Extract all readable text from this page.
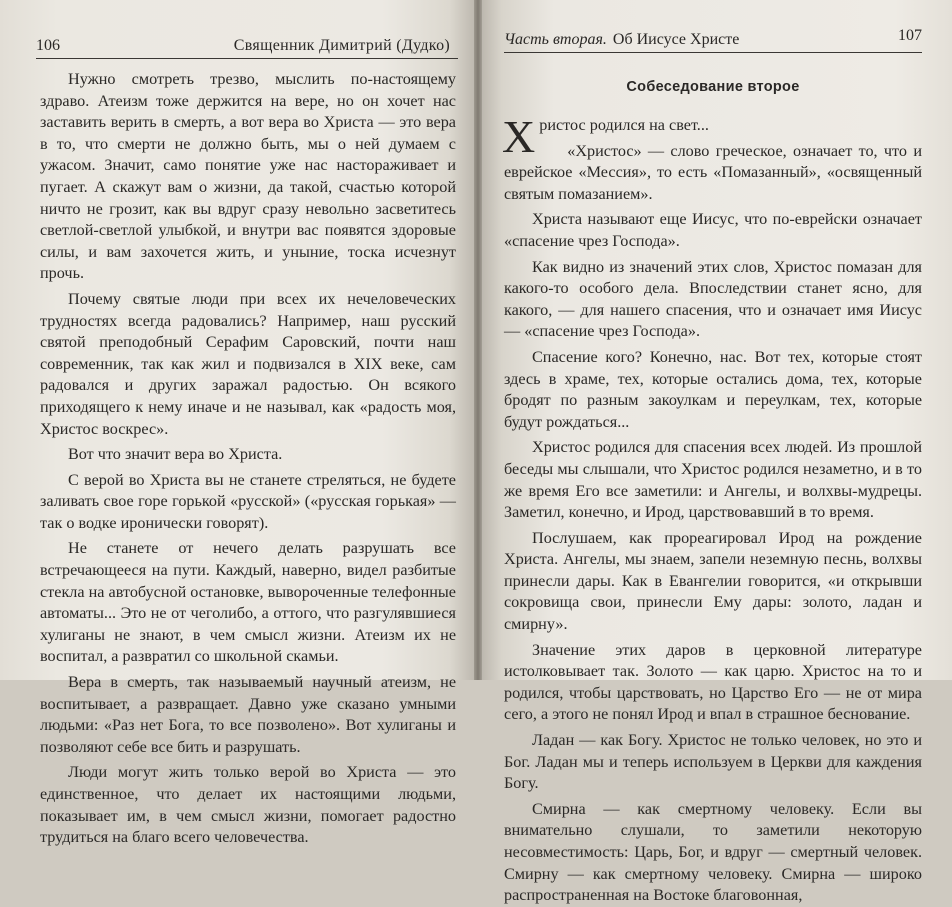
106	Священник Димитрий (Дудко)

Нужно смотреть трезво, мыслить по-настоящему здраво. Атеизм тоже держится на вере, но он хочет нас заставить верить в смерть, а вот вера во Христа — это вера в то, что смерти не должно быть, мы о ней думаем с ужасом. Значит, само понятие уже нас настораживает и пугает. А скажут вам о жизни, да такой, счастью которой ничто не грозит, как вы вдруг сразу невольно засветитесь светлой-светлой улыбкой, и внутри вас появятся здоровые силы, и вам захочется жить, и уныние, тоска исчезнут прочь.

Почему святые люди при всех их нечеловеческих трудностях всегда радовались? Например, наш русский святой преподобный Серафим Саровский, почти наш современник, так как жил и подвизался в XIX веке, сам радовался и других заражал радостью. Он всякого приходящего к нему иначе и не называл, как «радость моя, Христос воскрес».

Вот что значит вера во Христа.

С верой во Христа вы не станете стреляться, не будете заливать свое горе горькой «русской» («русская горькая» — так о водке иронически говорят).

Не станете от нечего делать разрушать все встречающееся на пути. Каждый, наверно, видел разбитые стекла на автобусной остановке, вывороченные телефонные автоматы... Это не от чеголибо, а оттого, что разгулявшиеся хулиганы не знают, в чем смысл жизни. Атеизм их не воспитал, а развратил со школьной скамьи.

Вера в смерть, так называемый научный атеизм, не воспитывает, а развращает. Давно уже сказано умными людьми: «Раз нет Бога, то все позволено». Вот хулиганы и позволяют себе все бить и разрушать.

Люди могут жить только верой во Христа — это единственное, что делает их настоящими людьми, показывает им, в чем смысл жизни, помогает радостно трудиться на благо всего человечества.

Часть вторая. Об Иисусе Христе	107
Собеседование второе

Христос родился на свет...

«Христос» — слово греческое, означает то, что и еврейское «Мессия», то есть «Помазанный», «освященный святым помазанием».

Христа называют еще Иисус, что по-еврейски означает «спасение чрез Господа».

Как видно из значений этих слов, Христос помазан для какого-то особого дела. Впоследствии станет ясно, для какого, — для нашего спасения, что и означает имя Иисус — «спасение чрез Господа».

Спасение кого? Конечно, нас. Вот тех, которые стоят здесь в храме, тех, которые остались дома, тех, которые бродят по разным закоулкам и переулкам, тех, которые будут рождаться...

Христос родился для спасения всех людей. Из прошлой беседы мы слышали, что Христос родился незаметно, и в то же время Его все заметили: и Ангелы, и волхвы-мудрецы. Заметил, конечно, и Ирод, царствовавший в то время.

Послушаем, как прореагировал Ирод на рождение Христа. Ангелы, мы знаем, запели неземную песнь, волхвы принесли дары. Как в Евангелии говорится, «и открывши сокровища свои, принесли Ему дары: золото, ладан и смирну».

Значение этих даров в церковной литературе истолковывает так. Золото — как царю. Христос на то и родился, чтобы царствовать, но Царство Его — не от мира сего, а этого не понял Ирод и впал в страшное беснование.

Ладан — как Богу. Христос не только человек, но это и Бог. Ладан мы и теперь используем в Церкви для каждения Богу.

Смирна — как смертному человеку. Если вы внимательно слушали, то заметили некоторую несовместимость: Царь, Бог, и вдруг — смертный человек. Смирну — как смертному человеку. Смирна — широко распространенная на Востоке благовонная,
